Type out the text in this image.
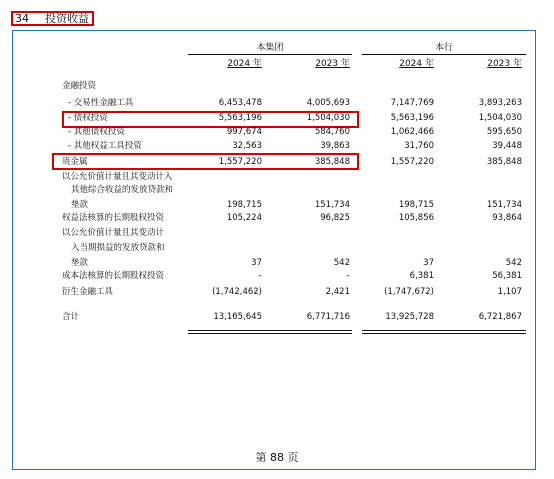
34 投资收益
本集团	本行
2024 年	2023 年	2024 年	2023 年
金融投资
- 交易性金融工具	6,453,478	4,005,693	7,147,769	3,893,263
- 债权投资	5,563,196	1,504,030	5,563,196	1,504,030
- 其他债权投资	997,674	584,760	1,062,466	595,650
- 其他权益工具投资	32,563	39,863	31,760	39,448
贵金属	1,557,220	385,848	1,557,220	385,848
以公允价值计量且其变动计入
其他综合收益的发放贷款和
垫款	198,715	151,734	198,715	151,734
权益法核算的长期股权投资	105,224	96,825	105,856	93,864
以公允价值计量且其变动计
入当期损益的发放贷款和
垫款	37	542	37	542
成本法核算的长期股权投资	-	-	6,381	56,381
衍生金融工具	(1,742,462)	2,421	(1,747,672)	1,107
合计	13,165,645	6,771,716	13,925,728	6,721,867
第 88 页
